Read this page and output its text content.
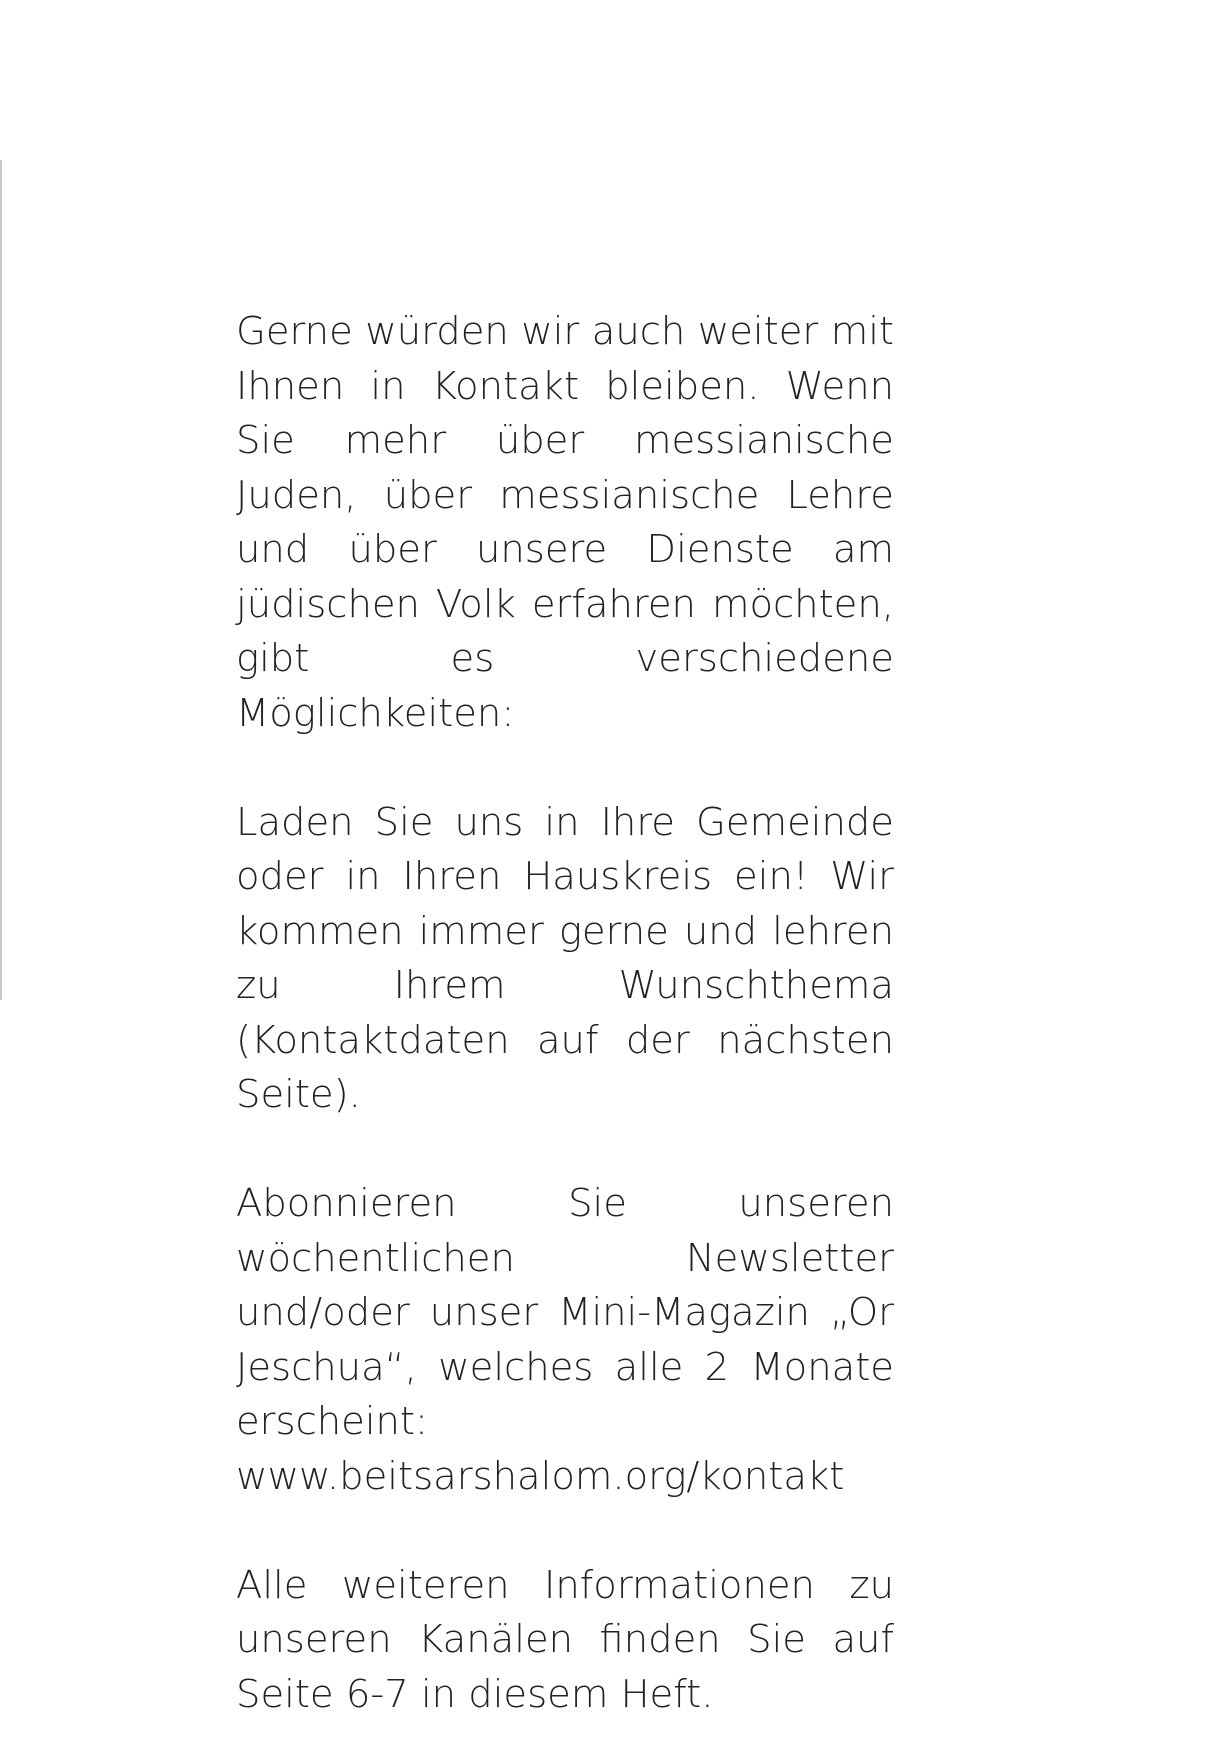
Gerne würden wir auch weiter mit Ihnen in Kontakt bleiben. Wenn Sie mehr über messianische Juden, über messianische Lehre und über unsere Dienste am jüdischen Volk erfahren möchten, gibt es verschiedene Möglichkeiten:

Laden Sie uns in Ihre Gemeinde oder in Ihren Hauskreis ein! Wir kommen immer gerne und lehren zu Ihrem Wunschthema (Kontaktdaten auf der nächsten Seite).

Abonnieren Sie unseren wöchentlichen Newsletter und/oder unser Mini-Magazin „Or Jeschua“, welches alle 2 Monate erscheint: www.beitsarshalom.org/kontakt

Alle weiteren Informationen zu unseren Kanälen finden Sie auf Seite 6-7 in diesem Heft.
